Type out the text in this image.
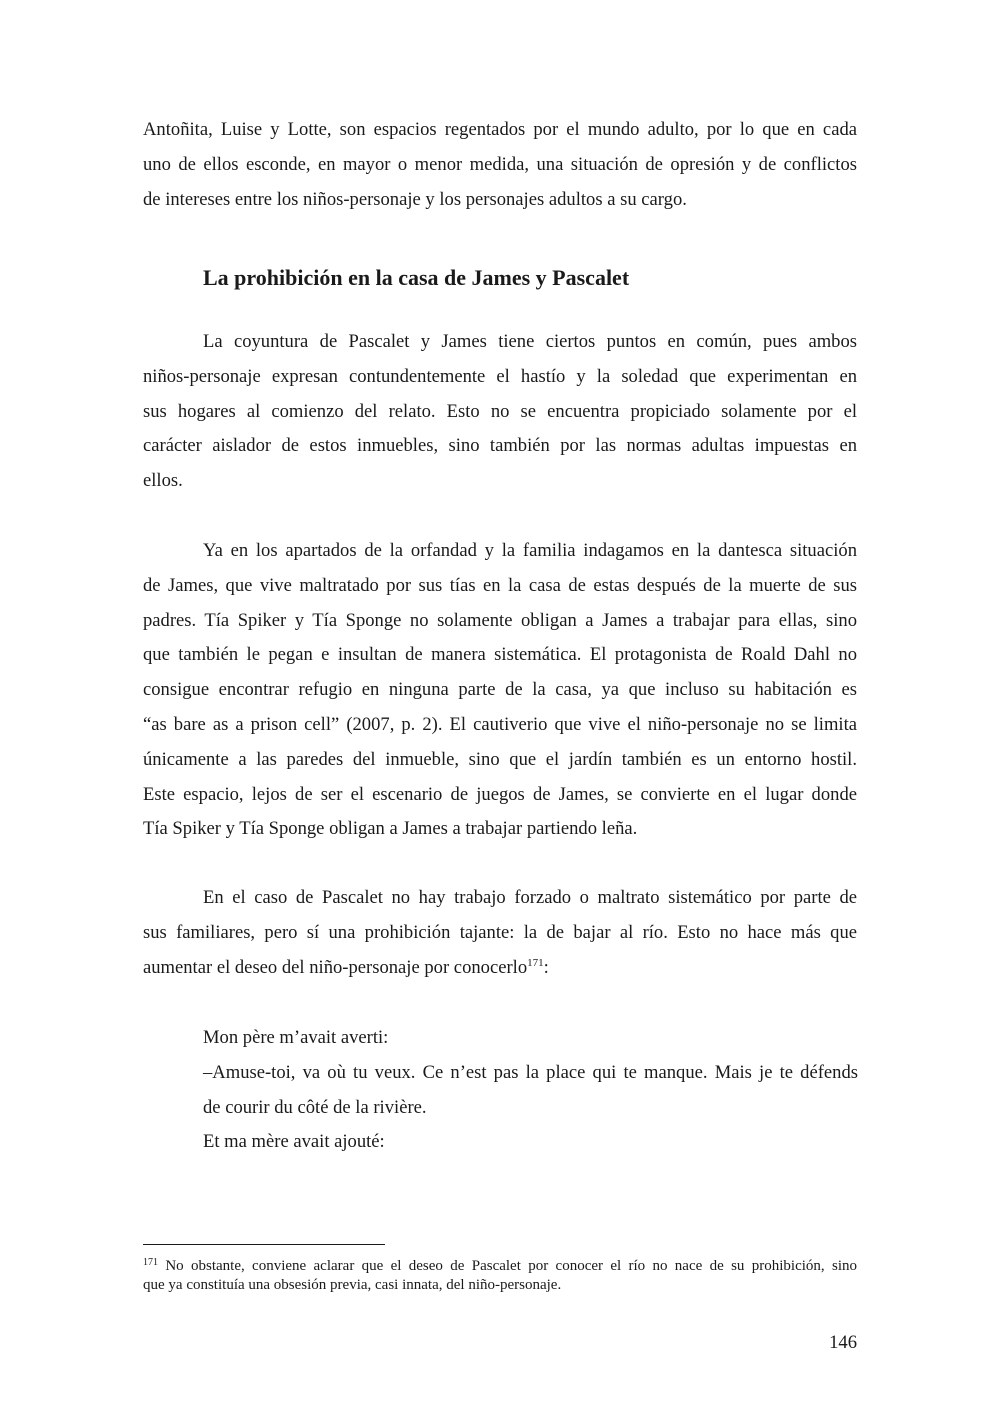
Antoñita, Luise y Lotte, son espacios regentados por el mundo adulto, por lo que en cada
uno de ellos esconde, en mayor o menor medida, una situación de opresión y de conflictos
de intereses entre los niños-personaje y los personajes adultos a su cargo.

La prohibición en la casa de James y Pascalet

La coyuntura de Pascalet y James tiene ciertos puntos en común, pues ambos
niños-personaje expresan contundentemente el hastío y la soledad que experimentan en
sus hogares al comienzo del relato. Esto no se encuentra propiciado solamente por el
carácter aislador de estos inmuebles, sino también por las normas adultas impuestas en
ellos.

Ya en los apartados de la orfandad y la familia indagamos en la dantesca situación
de James, que vive maltratado por sus tías en la casa de estas después de la muerte de sus
padres. Tía Spiker y Tía Sponge no solamente obligan a James a trabajar para ellas, sino
que también le pegan e insultan de manera sistemática. El protagonista de Roald Dahl no
consigue encontrar refugio en ninguna parte de la casa, ya que incluso su habitación es
“as bare as a prison cell” (2007, p. 2). El cautiverio que vive el niño-personaje no se limita
únicamente a las paredes del inmueble, sino que el jardín también es un entorno hostil.
Este espacio, lejos de ser el escenario de juegos de James, se convierte en el lugar donde
Tía Spiker y Tía Sponge obligan a James a trabajar partiendo leña.

En el caso de Pascalet no hay trabajo forzado o maltrato sistemático por parte de
sus familiares, pero sí una prohibición tajante: la de bajar al río. Esto no hace más que
aumentar el deseo del niño-personaje por conocerlo$^{171}$:

Mon père m’avait averti:
–Amuse-toi, va où tu veux. Ce n’est pas la place qui te manque. Mais je te défends
de courir du côté de la rivière.
Et ma mère avait ajouté:
$^{171}$ No obstante, conviene aclarar que el deseo de Pascalet por conocer el río no nace de su prohibición, sino
que ya constituía una obsesión previa, casi innata, del niño-personaje.
146
